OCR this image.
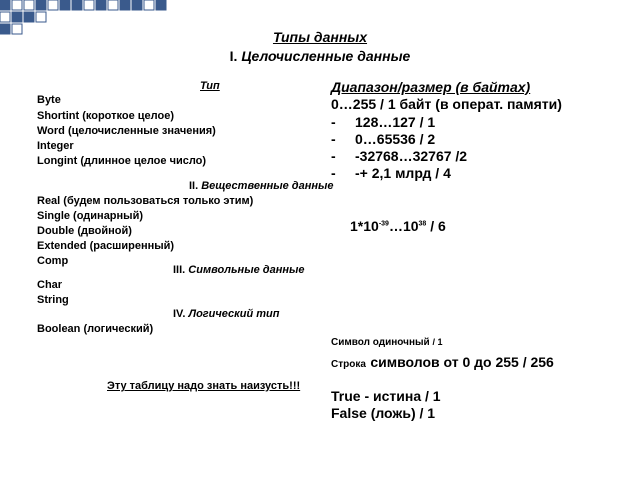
Типы данных
I. Целочисленные данные
Тип
Byte
Shortint (короткое целое)
Word (целочисленные значения)
Integer
Longint (длинное целое число)
II. Вещественные данные
Real (будем пользоваться только этим)
Single (одинарный)
Double (двойной)
Extended (расширенный)
Comp
III. Символьные данные
Char
String
IV. Логический тип
Boolean (логический)
Эту таблицу надо знать наизусть!!!
Диапазон/размер (в байтах)
0…255 / 1 байт (в операт. памяти)
- 128…127 / 1
- 0…65536 / 2
- -32768…32767 /2
- -+ 2,1 млрд / 4
$1*10^{-39}\dots 10^{38} / 6$
Символ одиночный / 1
Строка символов от 0 до 255 / 256
True - истина / 1
False (ложь) / 1
